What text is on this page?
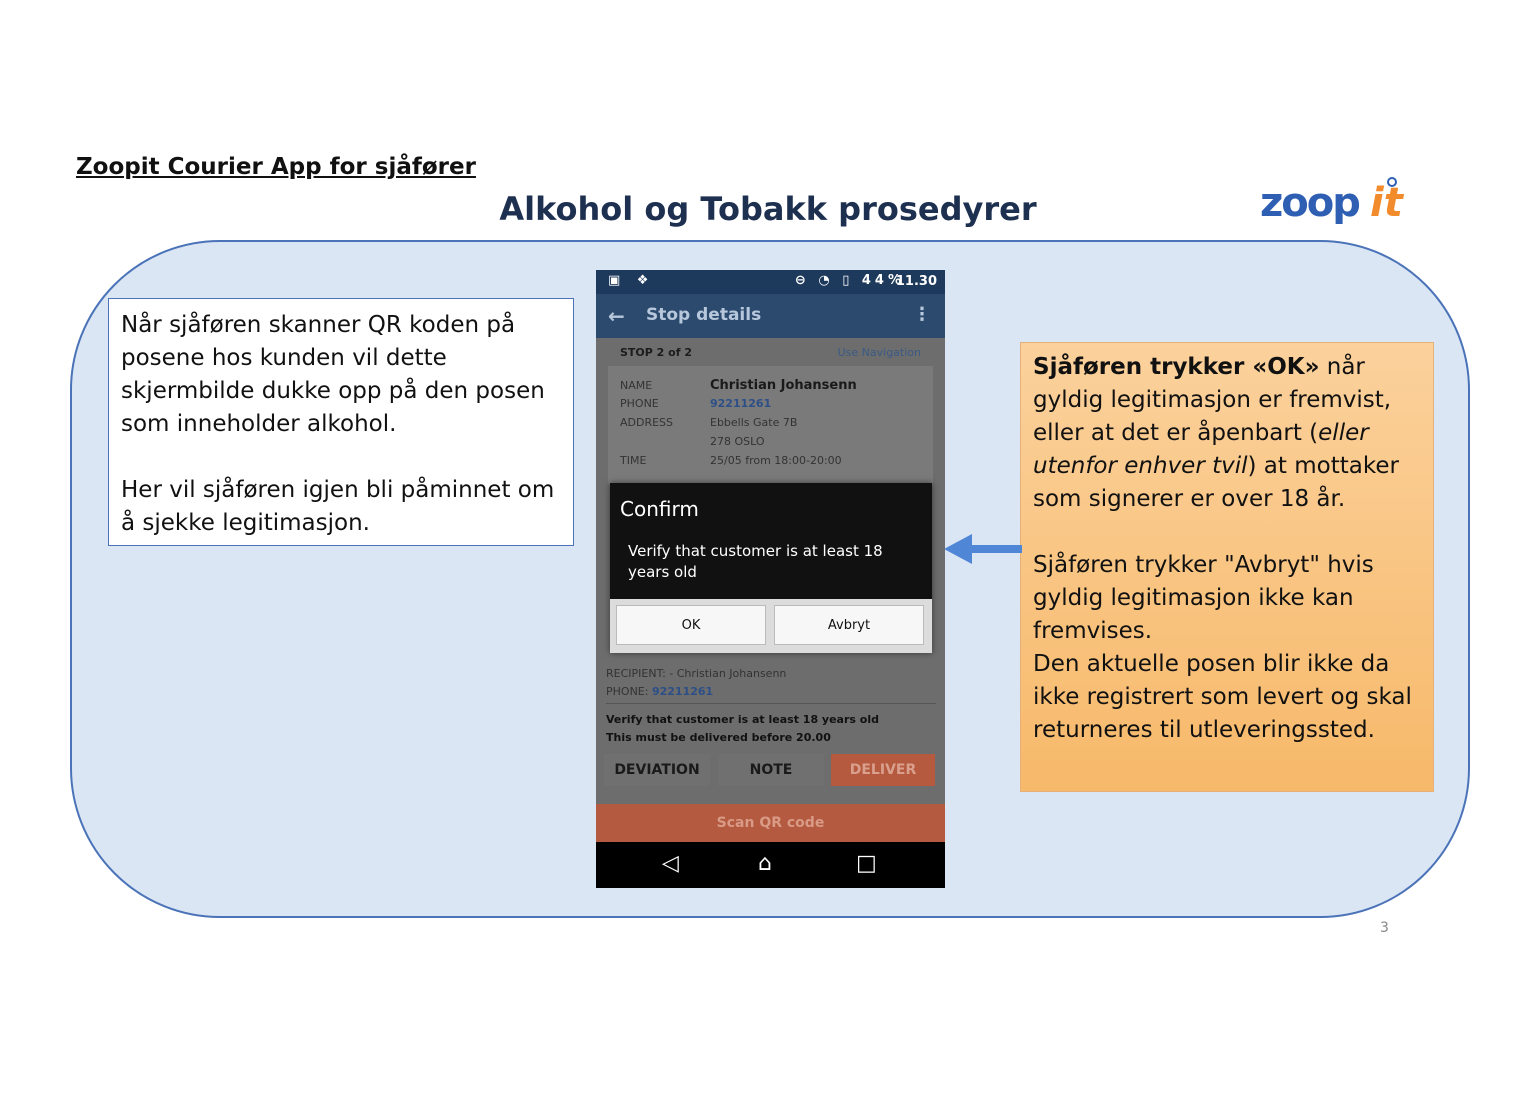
Zoopit Courier App for sjåfører
Alkohol og Tobakk prosedyrer	zoop it

Når sjåføren skanner QR koden på posene hos kunden vil dette skjermbilde dukke opp på den posen som inneholder alkohol.

Her vil sjåføren igjen bli påminnet om å sjekke legitimasjon.

Sjåføren trykker «OK» når gyldig legitimasjon er fremvist, eller at det er åpenbart (eller utenfor enhver tvil) at mottaker som signerer er over 18 år.

Sjåføren trykker "Avbryt" hvis gyldig legitimasjon ikke kan fremvises.

Den aktuelle posen blir ikke da ikke registrert som levert og skal returneres til utleveringssted.

▣ ❖	⊖ ◔ ▯ 44%
11.30
← Stop details	⋮
STOP 2 of 2	Use Navigation
NAME	Christian Johansenn
PHONE	92211261
ADDRESS	Ebbells Gate 7B
278 OSLO
TIME	25/05 from 18:00-20:00
RECIPIENT: - Christian Johansenn
PHONE: 92211261
Verify that customer is at least 18 years old
This must be delivered before 20.00
DEVIATION	NOTE	DELIVER
Scan QR code
◁	⌂	□
Confirm
Verify that customer is at least 18 years old
OK	Avbryt
3
